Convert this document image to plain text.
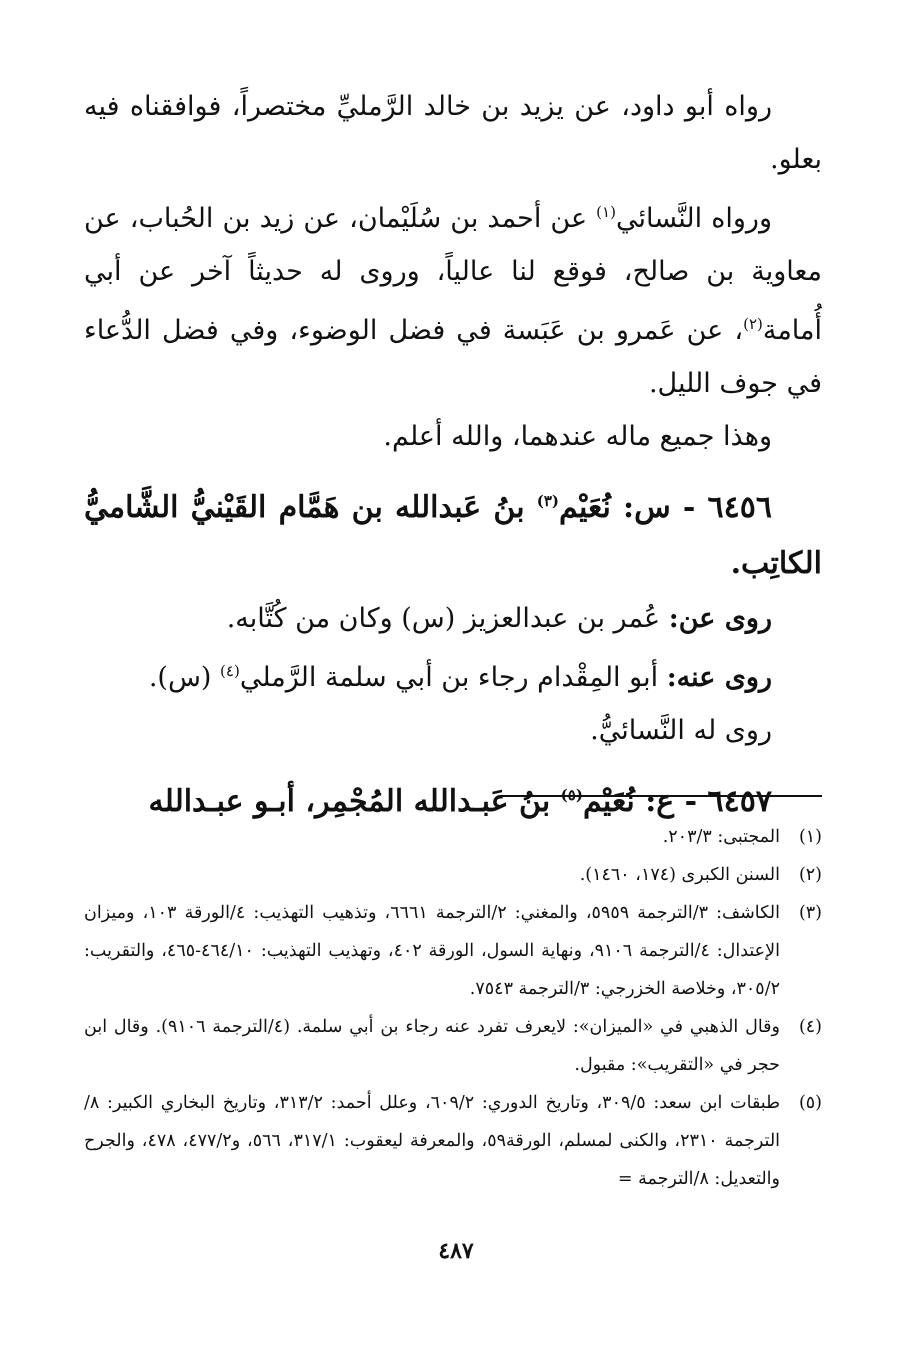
رواه أبو داود، عن يزيد بن خالد الرَّمليِّ مختصراً، فوافقناه فيه بعلو.

ورواه النَّسائي$^{(١)}$ عن أحمد بن سُلَيْمان، عن زيد بن الحُباب، عن معاوية بن صالح، فوقع لنا عالياً، وروى له حديثاً آخر عن أبي أُمامة$^{(٢)}$، عن عَمرو بن عَبَسة في فضل الوضوء، وفي فضل الدُّعاء في جوف الليل.

وهذا جميع ماله عندهما، والله أعلم.

٦٤٥٦ - س: نُعَيْم$^{(٣)}$ بنُ عَبدالله بن هَمَّام القَيْنيُّ الشَّاميُّ الكاتِب.

روى عن: عُمر بن عبدالعزيز (س) وكان من كُتَّابه.

روى عنه: أبو المِقْدام رجاء بن أبي سلمة الرَّملي$^{(٤)}$ (س).

روى له النَّسائيُّ.

٦٤٥٧ - ع: نُعَيْم$^{(٥)}$ بنُ عَبـدالله المُجْمِر، أبـو عبـدالله

(١)
المجتبى: ٢٠٣/٣.
(٢)
السنن الكبرى (١٧٤، ١٤٦٠).
(٣)
الكاشف: ٣/الترجمة ٥٩٥٩، والمغني: ٢/الترجمة ٦٦٦١، وتذهيب التهذيب: ٤/الورقة ١٠٣، وميزان الإعتدال: ٤/الترجمة ٩١٠٦، ونهاية السول، الورقة ٤٠٢، وتهذيب التهذيب: ٤٦٤/١٠-٤٦٥، والتقريب: ٣٠٥/٢، وخلاصة الخزرجي: ٣/الترجمة ٧٥٤٣.
(٤)
وقال الذهبي في «الميزان»: لايعرف تفرد عنه رجاء بن أبي سلمة. (٤/الترجمة ٩١٠٦). وقال ابن حجر في «التقريب»: مقبول.
(٥)
طبقات ابن سعد: ٣٠٩/٥، وتاريخ الدوري: ٦٠٩/٢، وعلل أحمد: ٣١٣/٢، وتاريخ البخاري الكبير: ٨/الترجمة ٢٣١٠، والكنى لمسلم، الورقة٥٩، والمعرفة ليعقوب: ٣١٧/١، ٥٦٦، و٤٧٧/٢، ٤٧٨، والجرح والتعديل: ٨/الترجمة =
٤٨٧
